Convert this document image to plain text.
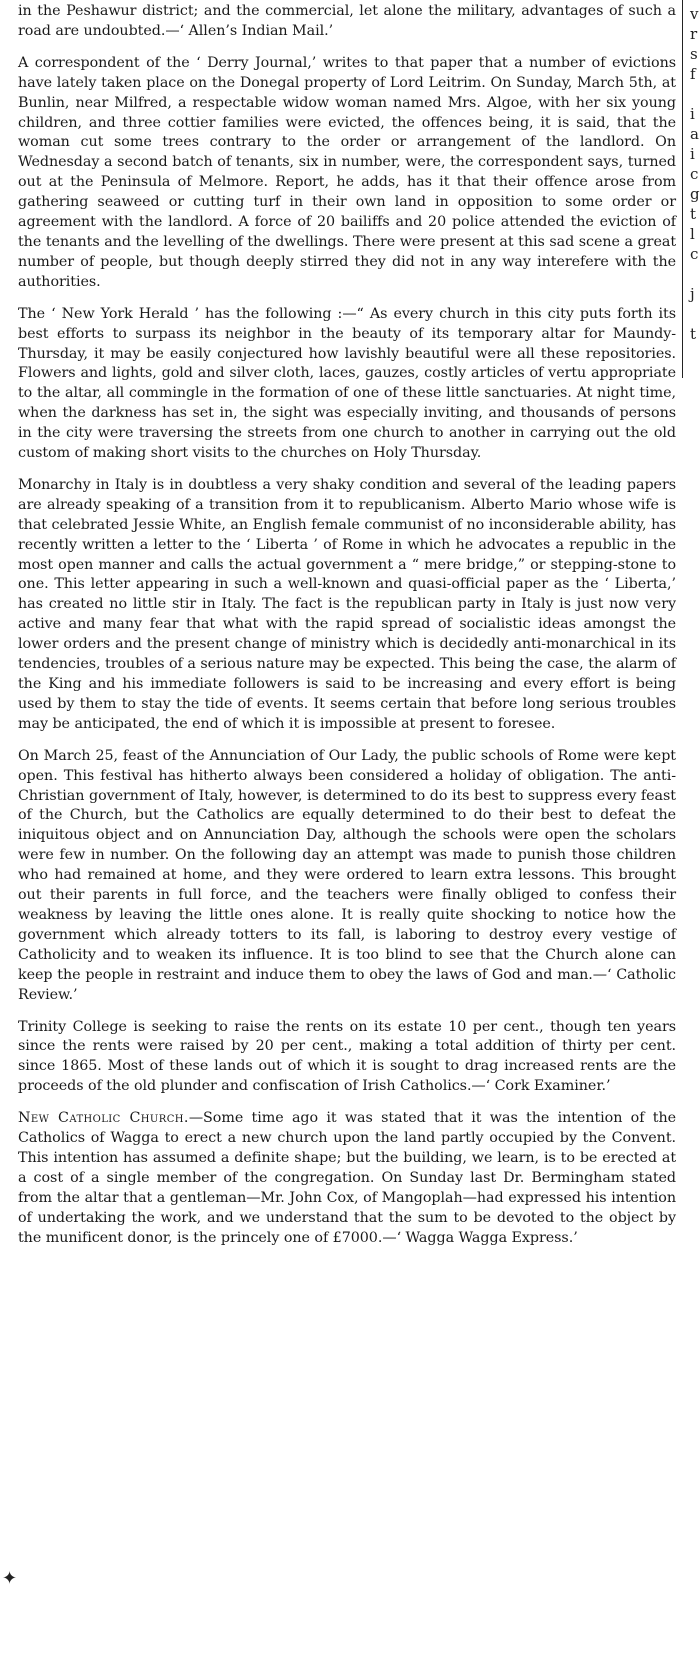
in the Peshawur district; and the commercial, let alone the military, advantages of such a road are undoubted.—‘ Allen’s Indian Mail.’

A correspondent of the ‘ Derry Journal,’ writes to that paper that a number of evictions have lately taken place on the Donegal property of Lord Leitrim. On Sunday, March 5th, at Bunlin, near Milfred, a respectable widow woman named Mrs. Algoe, with her six young children, and three cottier families were evicted, the offences being, it is said, that the woman cut some trees contrary to the order or arrangement of the landlord. On Wednesday a second batch of tenants, six in number, were, the correspondent says, turned out at the Peninsula of Melmore. Report, he adds, has it that their offence arose from gathering seaweed or cutting turf in their own land in opposition to some order or agreement with the landlord. A force of 20 bailiffs and 20 police attended the eviction of the tenants and the levelling of the dwellings. There were present at this sad scene a great number of people, but though deeply stirred they did not in any way interefere with the authorities.

The ‘ New York Herald ’ has the following :—“ As every church in this city puts forth its best efforts to surpass its neighbor in the beauty of its temporary altar for Maundy-Thursday, it may be easily conjectured how lavishly beautiful were all these repositories. Flowers and lights, gold and silver cloth, laces, gauzes, costly articles of vertu appropriate to the altar, all commingle in the formation of one of these little sanctuaries. At night time, when the darkness has set in, the sight was especially inviting, and thousands of persons in the city were traversing the streets from one church to another in carrying out the old custom of making short visits to the churches on Holy Thursday.

Monarchy in Italy is in doubtless a very shaky condition and several of the leading papers are already speaking of a transition from it to republicanism. Alberto Mario whose wife is that celebrated Jessie White, an English female communist of no inconsiderable ability, has recently written a letter to the ‘ Liberta ’ of Rome in which he advocates a republic in the most open manner and calls the actual government a “ mere bridge,” or stepping-stone to one. This letter appearing in such a well-known and quasi-official paper as the ‘ Liberta,’ has created no little stir in Italy. The fact is the republican party in Italy is just now very active and many fear that what with the rapid spread of socialistic ideas amongst the lower orders and the present change of ministry which is decidedly anti-monarchical in its tendencies, troubles of a serious nature may be expected. This being the case, the alarm of the King and his immediate followers is said to be increasing and every effort is being used by them to stay the tide of events. It seems certain that before long serious troubles may be anticipated, the end of which it is impossible at present to foresee.

On March 25, feast of the Annunciation of Our Lady, the public schools of Rome were kept open. This festival has hitherto always been considered a holiday of obligation. The anti-Christian government of Italy, however, is determined to do its best to suppress every feast of the Church, but the Catholics are equally determined to do their best to defeat the iniquitous object and on Annunciation Day, although the schools were open the scholars were few in number. On the following day an attempt was made to punish those children who had remained at home, and they were ordered to learn extra lessons. This brought out their parents in full force, and the teachers were finally obliged to confess their weakness by leaving the little ones alone. It is really quite shocking to notice how the government which already totters to its fall, is laboring to destroy every vestige of Catholicity and to weaken its influence. It is too blind to see that the Church alone can keep the people in restraint and induce them to obey the laws of God and man.—‘ Catholic Review.’

Trinity College is seeking to raise the rents on its estate 10 per cent., though ten years since the rents were raised by 20 per cent., making a total addition of thirty per cent. since 1865. Most of these lands out of which it is sought to drag increased rents are the proceeds of the old plunder and confiscation of Irish Catholics.—‘ Cork Examiner.’

New Catholic Church.—Some time ago it was stated that it was the intention of the Catholics of Wagga to erect a new church upon the land partly occupied by the Convent. This intention has assumed a definite shape; but the building, we learn, is to be erected at a cost of a single member of the congregation. On Sunday last Dr. Bermingham stated from the altar that a gentleman—Mr. John Cox, of Mangoplah—had expressed his intention of undertaking the work, and we understand that the sum to be devoted to the object by the munificent donor, is the princely one of £7000.—‘ Wagga Wagga Express.’

v
r
s
f

i
a
i
c
g
t
l
c

j

t
✦
